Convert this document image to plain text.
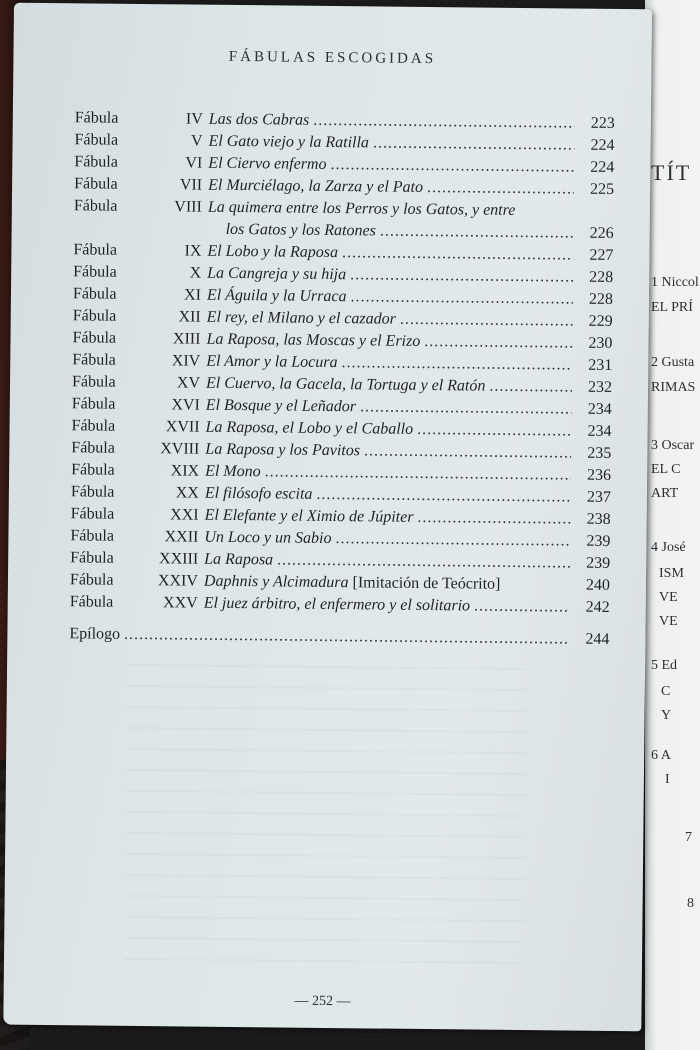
TÍT
1 Niccol
EL PRÍ
2 Gusta
RIMAS
3 Oscar
EL C
ART
4 José
ISM
VE
VE
5 Ed
C
Y
6 A
I
7
8
FÁBULAS ESCOGIDAS
Fábula	IV Las dos Cabras .....	223
Fábula	V El Gato viejo y la Ratilla .....	224
Fábula	VI El Ciervo enfermo .....	224
Fábula	VII El Murciélago, la Zarza y el Pato .....	225
Fábula	VIII La quimera entre los Perros y los Gatos, y entre
los Gatos y los Ratones .....	226
Fábula	IX El Lobo y la Raposa .....	227
Fábula	X La Cangreja y su hija .....	228
Fábula	XI El Águila y la Urraca .....	228
Fábula	XII El rey, el Milano y el cazador .....	229
Fábula	XIII La Raposa, las Moscas y el Erizo .....	230
Fábula	XIV El Amor y la Locura .....	231
Fábula	XV El Cuervo, la Gacela, la Tortuga y el Ratón .....	232
Fábula	XVI El Bosque y el Leñador .....	234
Fábula	XVII La Raposa, el Lobo y el Caballo .....	234
Fábula	XVIII La Raposa y los Pavitos .....	235
Fábula	XIX El Mono .....	236
Fábula	XX El filósofo escita .....	237
Fábula	XXI El Elefante y el Ximio de Júpiter .....	238
Fábula	XXII Un Loco y un Sabio .....	239
Fábula	XXIII La Raposa .....	239
Fábula	XXIV Daphnis y Alcimadura [Imitación de Teócrito]	240
Fábula	XXV El juez árbitro, el enfermero y el solitario .....	242
Epílogo .....	244
— 252 —
